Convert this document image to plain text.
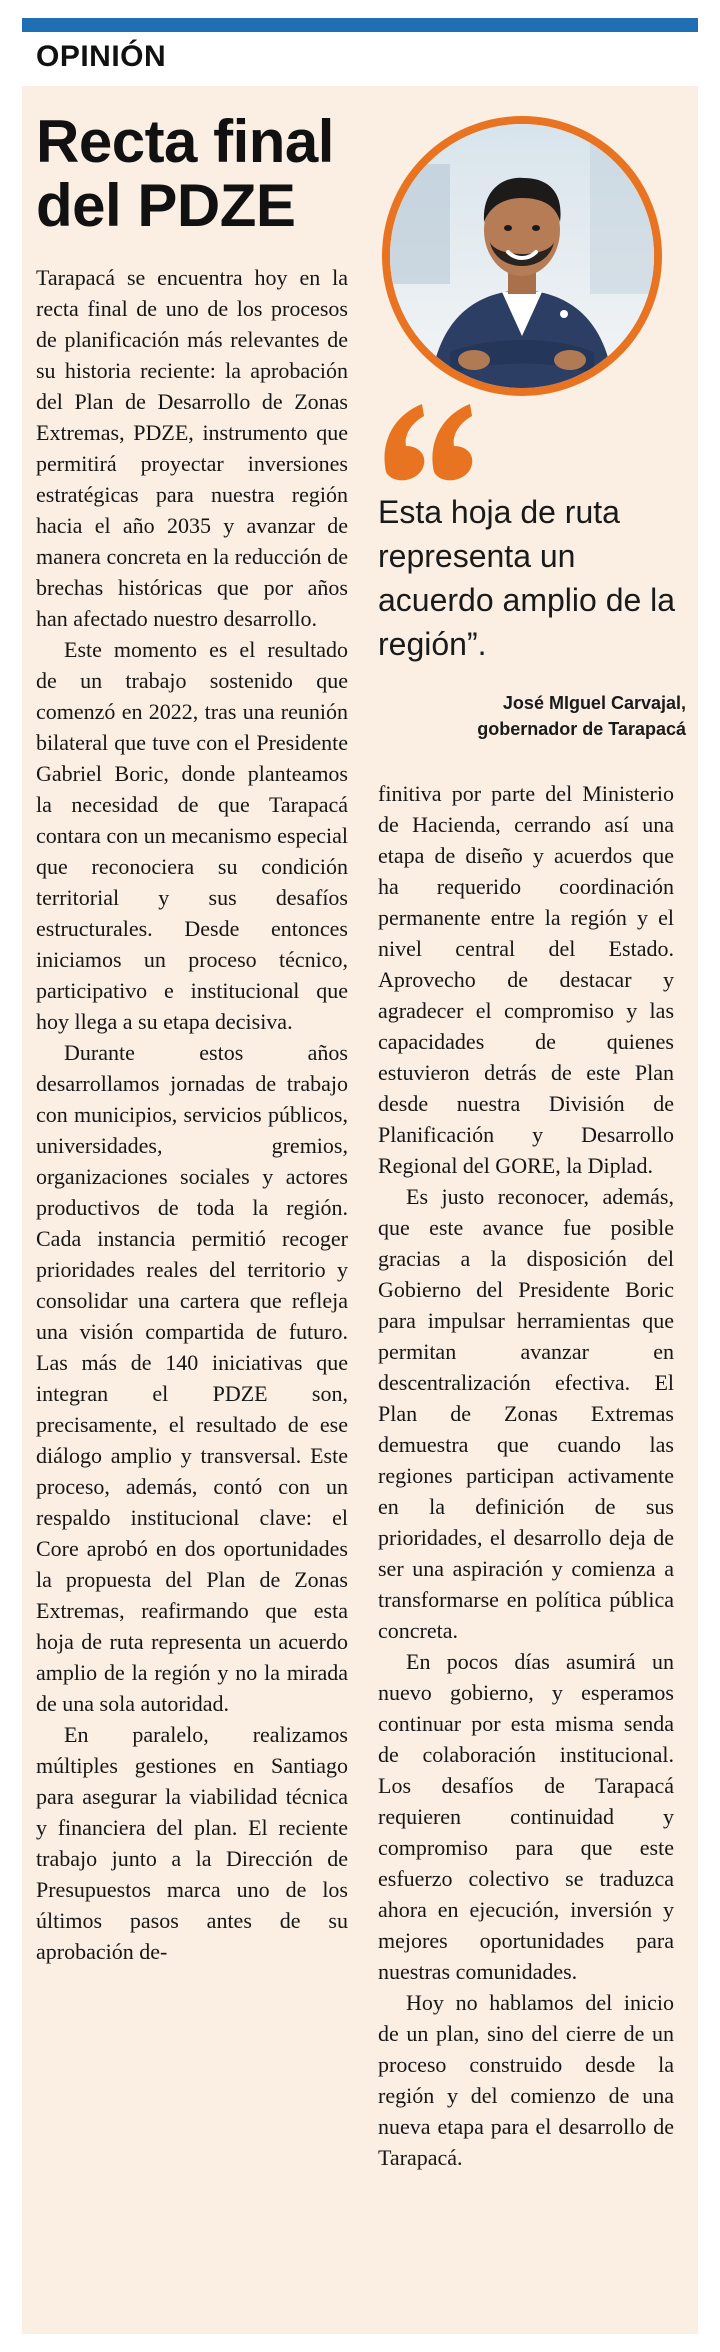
OPINIÓN
Recta final del PDZE

Esta hoja de ruta representa un acuerdo amplio de la región”.

José MIguel Carvajal,
gobernador de Tarapacá

Tarapacá se encuentra hoy en la recta final de uno de los procesos de planificación más relevantes de su historia reciente: la aprobación del Plan de Desarrollo de Zonas Extremas, PDZE, instrumento que permitirá proyectar inversiones estratégicas para nuestra región hacia el año 2035 y avanzar de manera concreta en la reducción de brechas históricas que por años han afectado nuestro desarrollo.

Este momento es el resultado de un trabajo sostenido que comenzó en 2022, tras una reunión bilateral que tuve con el Presidente Gabriel Boric, donde planteamos la necesidad de que Tarapacá contara con un mecanismo especial que reconociera su condición territorial y sus desafíos estructurales. Desde entonces iniciamos un proceso técnico, participativo e institucional que hoy llega a su etapa decisiva.

Durante estos años desarrollamos jornadas de trabajo con municipios, servicios públicos, universidades, gremios, organizaciones sociales y actores productivos de toda la región. Cada instancia permitió recoger prioridades reales del territorio y consolidar una cartera que refleja una visión compartida de futuro. Las más de 140 iniciativas que integran el PDZE son, precisamente, el resultado de ese diálogo amplio y transversal. Este proceso, además, contó con un respaldo institucional clave: el Core aprobó en dos oportunidades la propuesta del Plan de Zonas Extremas, reafirmando que esta hoja de ruta representa un acuerdo amplio de la región y no la mirada de una sola autoridad.

En paralelo, realizamos múltiples gestiones en Santiago para asegurar la viabilidad técnica y financiera del plan. El reciente trabajo junto a la Dirección de Presupuestos marca uno de los últimos pasos antes de su aprobación de-

finitiva por parte del Ministerio de Hacienda, cerrando así una etapa de diseño y acuerdos que ha requerido coordinación permanente entre la región y el nivel central del Estado. Aprovecho de destacar y agradecer el compromiso y las capacidades de quienes estuvieron detrás de este Plan desde nuestra División de Planificación y Desarrollo Regional del GORE, la Diplad.

Es justo reconocer, además, que este avance fue posible gracias a la disposición del Gobierno del Presidente Boric para impulsar herramientas que permitan avanzar en descentralización efectiva. El Plan de Zonas Extremas demuestra que cuando las regiones participan activamente en la definición de sus prioridades, el desarrollo deja de ser una aspiración y comienza a transformarse en política pública concreta.

En pocos días asumirá un nuevo gobierno, y esperamos continuar por esta misma senda de colaboración institucional. Los desafíos de Tarapacá requieren continuidad y compromiso para que este esfuerzo colectivo se traduzca ahora en ejecución, inversión y mejores oportunidades para nuestras comunidades.

Hoy no hablamos del inicio de un plan, sino del cierre de un proceso construido desde la región y del comienzo de una nueva etapa para el desarrollo de Tarapacá.
